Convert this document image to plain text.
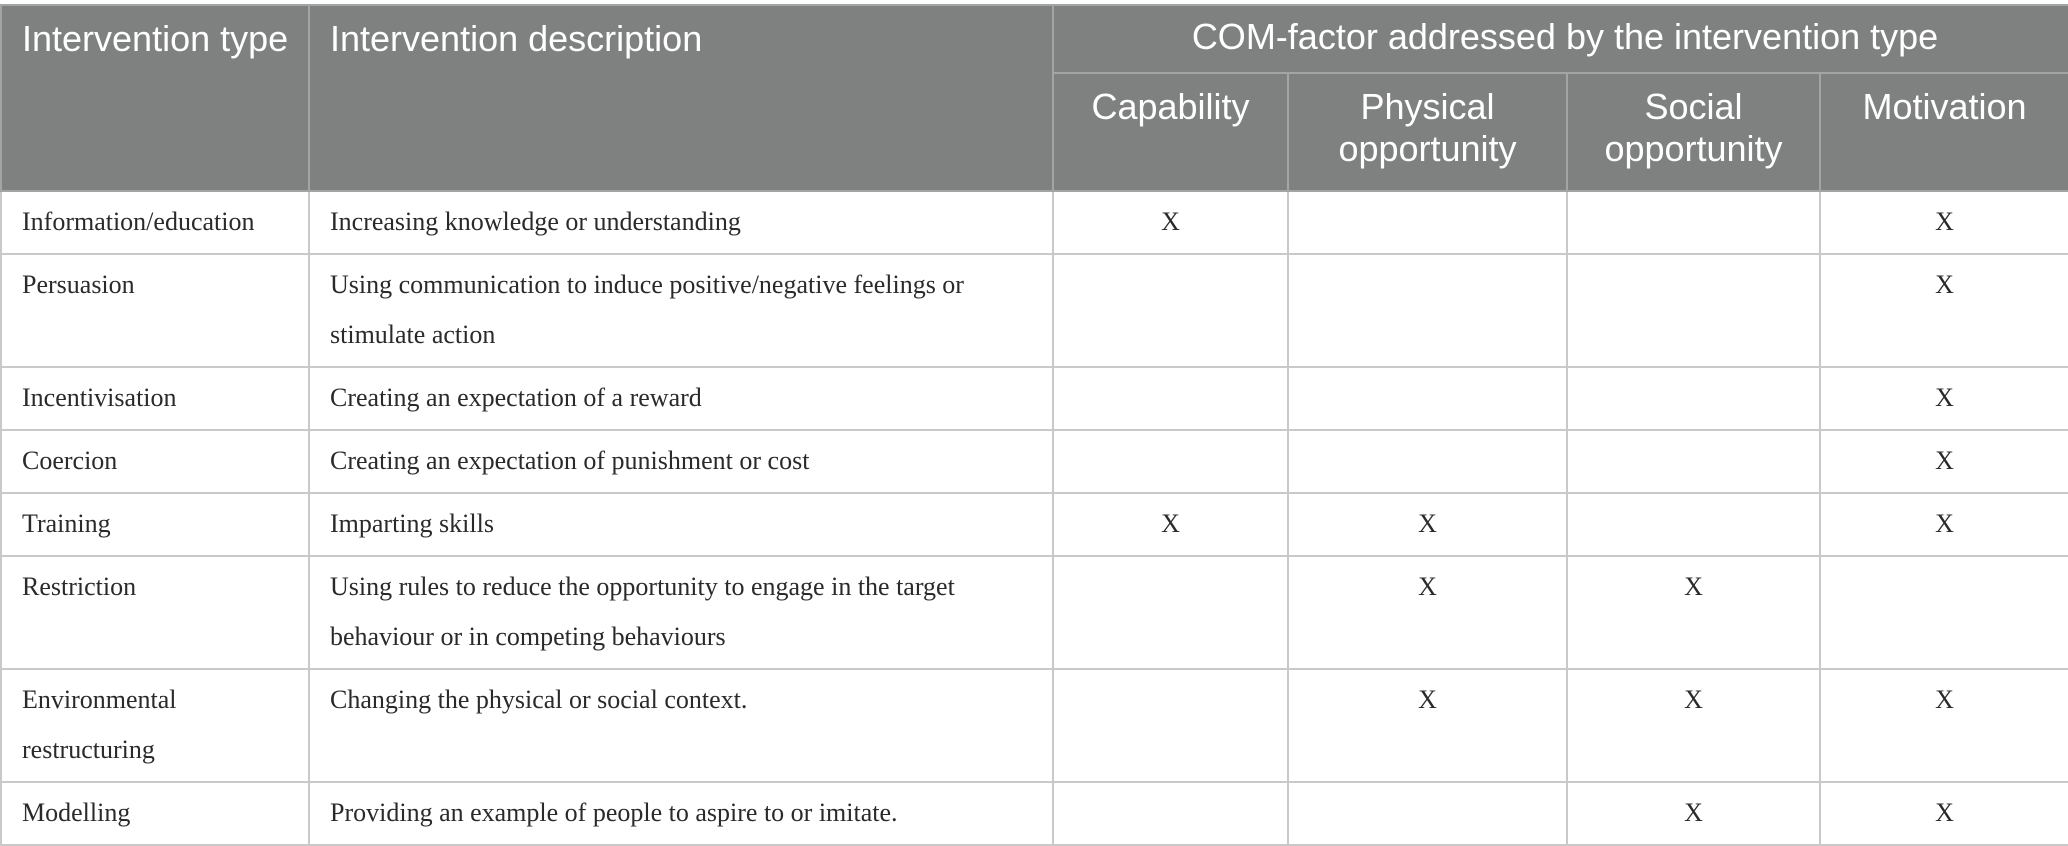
Intervention type	Intervention description	COM-factor addressed by the intervention type			
		Capability	Physical opportunity	Social opportunity	Motivation
Information/education	Increasing knowledge or understanding	X			X
Persuasion	Using communication to induce positive/negative feelings or stimulate action				X
Incentivisation	Creating an expectation of a reward				X
Coercion	Creating an expectation of punishment or cost				X
Training	Imparting skills	X	X		X
Restriction	Using rules to reduce the opportunity to engage in the target behaviour or in competing behaviours		X	X	
Environmental restructuring	Changing the physical or social context.		X	X	X
Modelling	Providing an example of people to aspire to or imitate.			X	X
